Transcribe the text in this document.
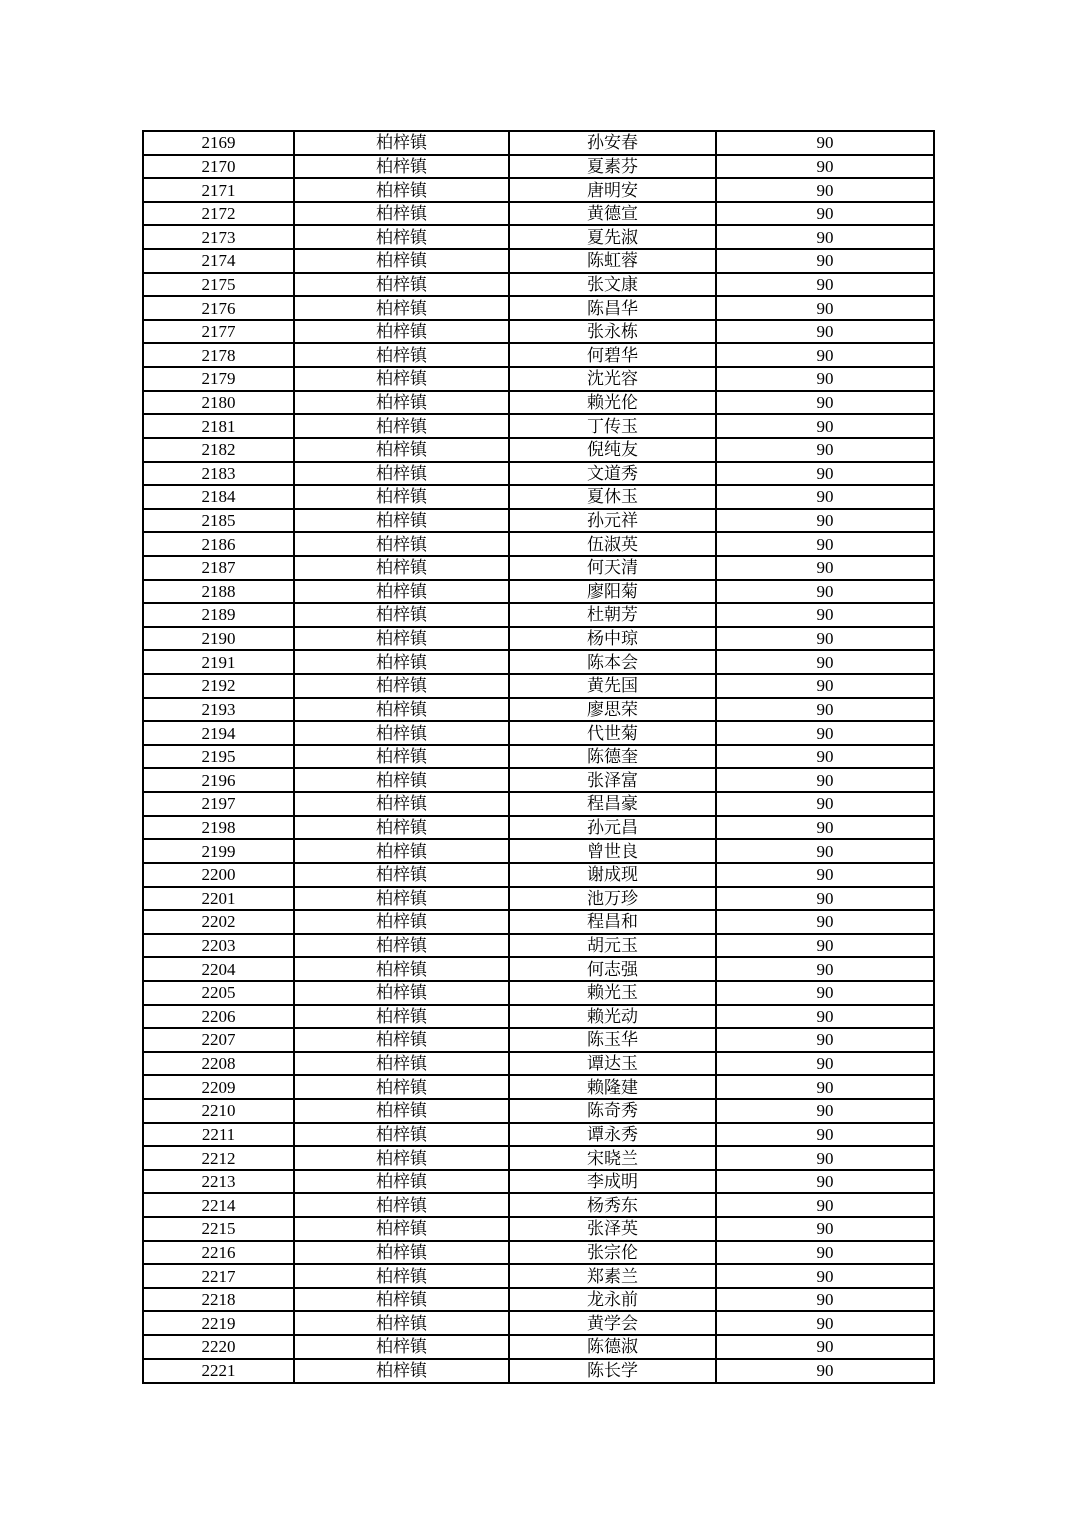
2169	柏梓镇	孙安春	90
2170	柏梓镇	夏素芬	90
2171	柏梓镇	唐明安	90
2172	柏梓镇	黄德宣	90
2173	柏梓镇	夏先淑	90
2174	柏梓镇	陈虹蓉	90
2175	柏梓镇	张文康	90
2176	柏梓镇	陈昌华	90
2177	柏梓镇	张永栋	90
2178	柏梓镇	何碧华	90
2179	柏梓镇	沈光容	90
2180	柏梓镇	赖光伦	90
2181	柏梓镇	丁传玉	90
2182	柏梓镇	倪纯友	90
2183	柏梓镇	文道秀	90
2184	柏梓镇	夏休玉	90
2185	柏梓镇	孙元祥	90
2186	柏梓镇	伍淑英	90
2187	柏梓镇	何天清	90
2188	柏梓镇	廖阳菊	90
2189	柏梓镇	杜朝芳	90
2190	柏梓镇	杨中琼	90
2191	柏梓镇	陈本会	90
2192	柏梓镇	黄先国	90
2193	柏梓镇	廖思荣	90
2194	柏梓镇	代世菊	90
2195	柏梓镇	陈德奎	90
2196	柏梓镇	张泽富	90
2197	柏梓镇	程昌豪	90
2198	柏梓镇	孙元昌	90
2199	柏梓镇	曾世良	90
2200	柏梓镇	谢成现	90
2201	柏梓镇	池万珍	90
2202	柏梓镇	程昌和	90
2203	柏梓镇	胡元玉	90
2204	柏梓镇	何志强	90
2205	柏梓镇	赖光玉	90
2206	柏梓镇	赖光动	90
2207	柏梓镇	陈玉华	90
2208	柏梓镇	谭达玉	90
2209	柏梓镇	赖隆建	90
2210	柏梓镇	陈奇秀	90
2211	柏梓镇	谭永秀	90
2212	柏梓镇	宋晓兰	90
2213	柏梓镇	李成明	90
2214	柏梓镇	杨秀东	90
2215	柏梓镇	张泽英	90
2216	柏梓镇	张宗伦	90
2217	柏梓镇	郑素兰	90
2218	柏梓镇	龙永前	90
2219	柏梓镇	黄学会	90
2220	柏梓镇	陈德淑	90
2221	柏梓镇	陈长学	90
